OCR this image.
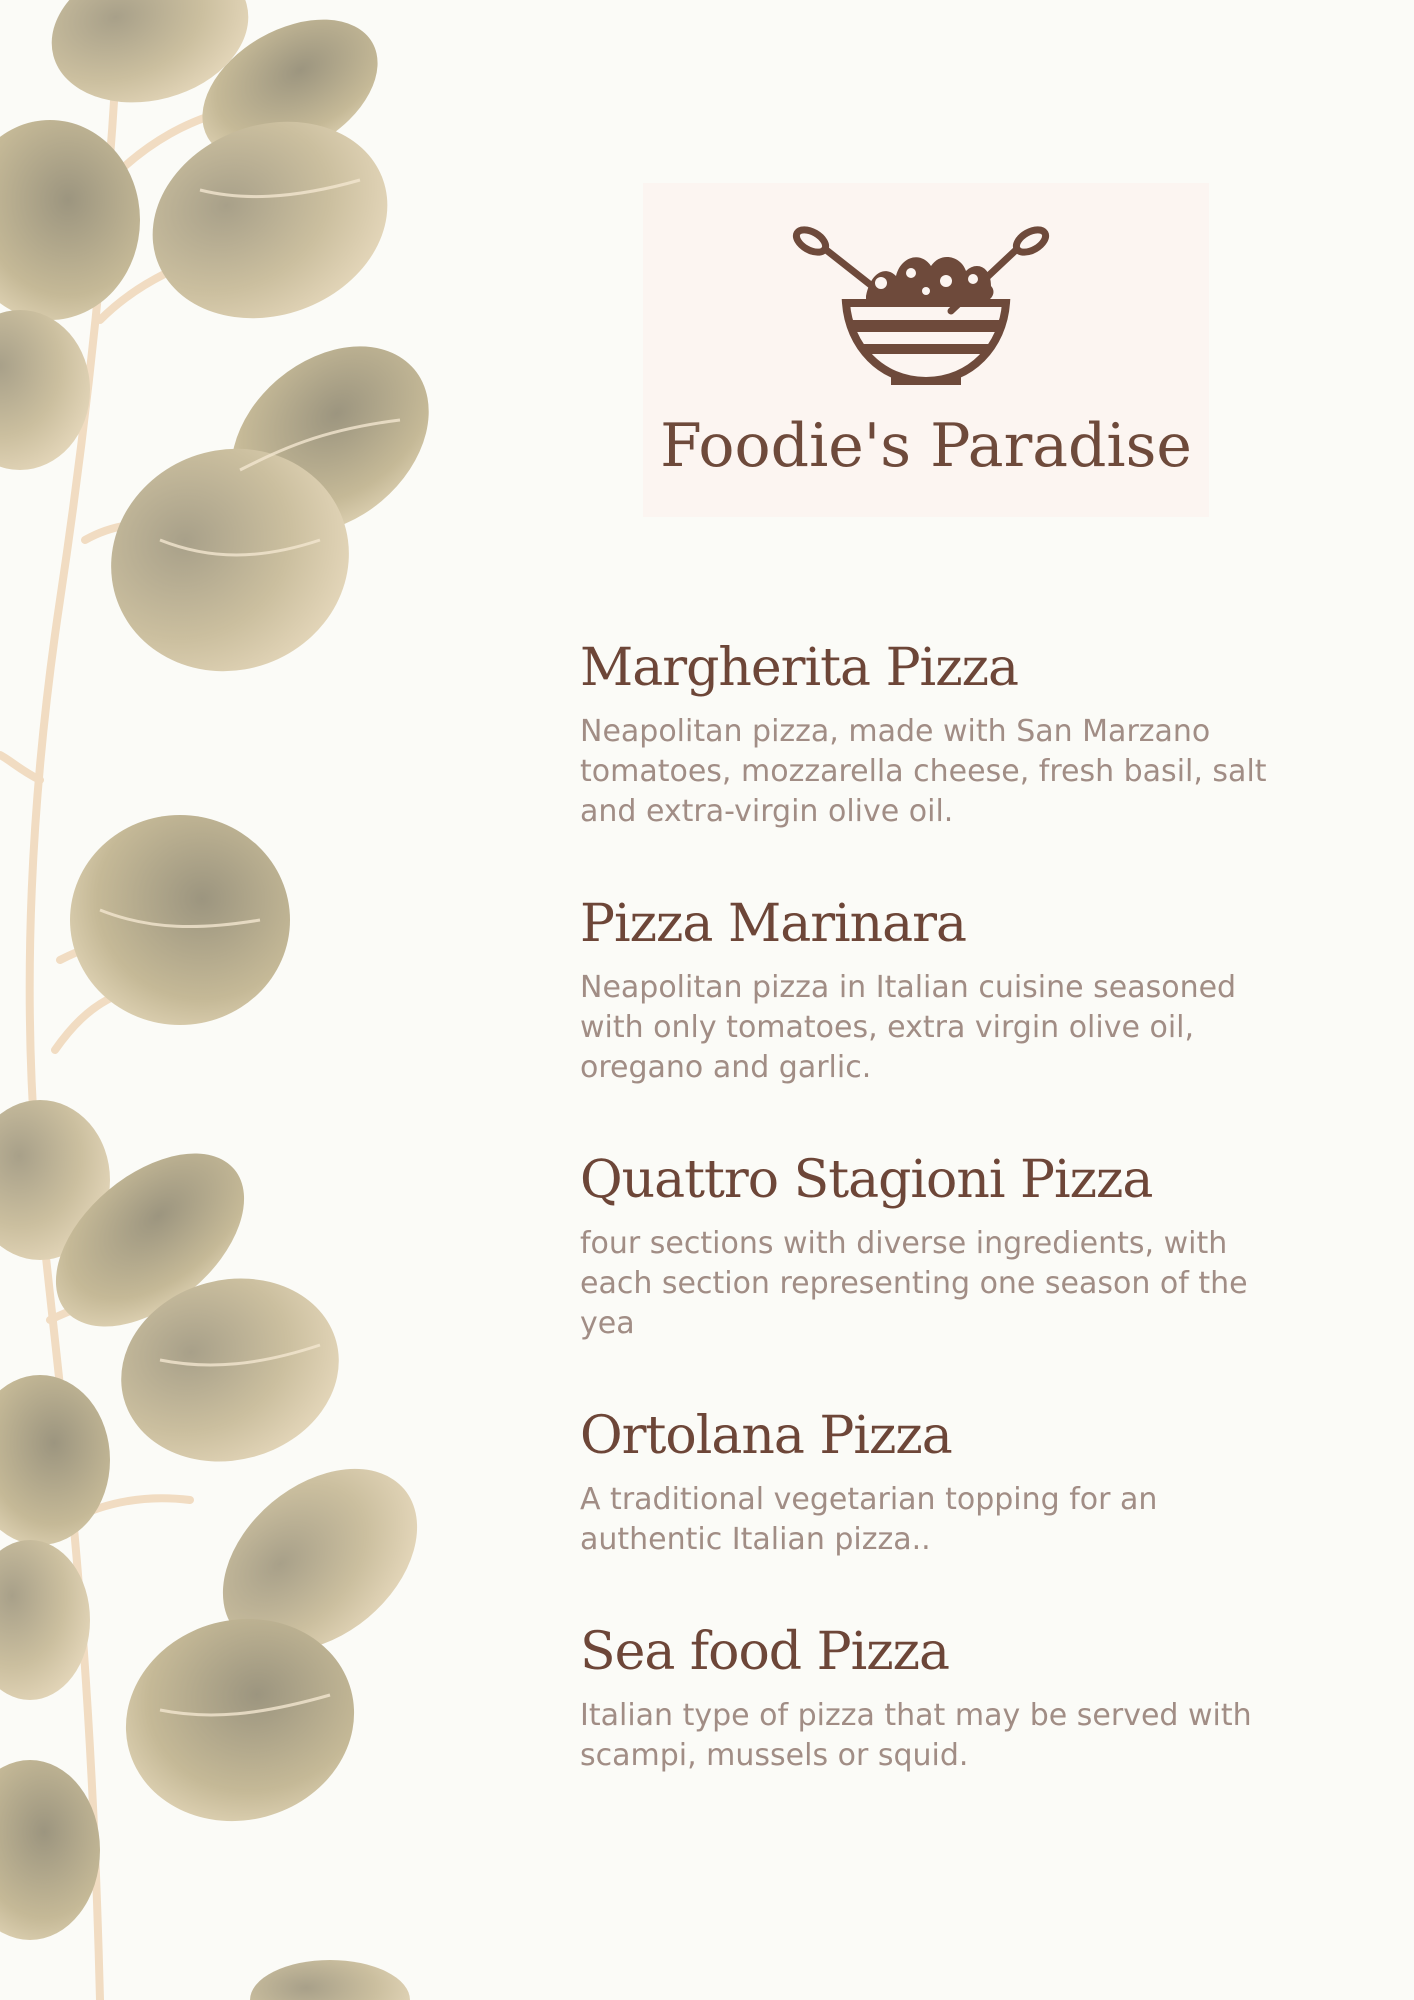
Foodie's Paradise
Margherita Pizza
Neapolitan pizza, made with San Marzano tomatoes, mozzarella cheese, fresh basil, salt and extra-virgin olive oil.
Pizza Marinara
Neapolitan pizza in Italian cuisine seasoned with only tomatoes, extra virgin olive oil, oregano and garlic.
Quattro Stagioni Pizza
four sections with diverse ingredients, with each section representing one season of the yea
Ortolana Pizza
A traditional vegetarian topping for an authentic Italian pizza..
Sea food Pizza
Italian type of pizza that may be served with scampi, mussels or squid.
